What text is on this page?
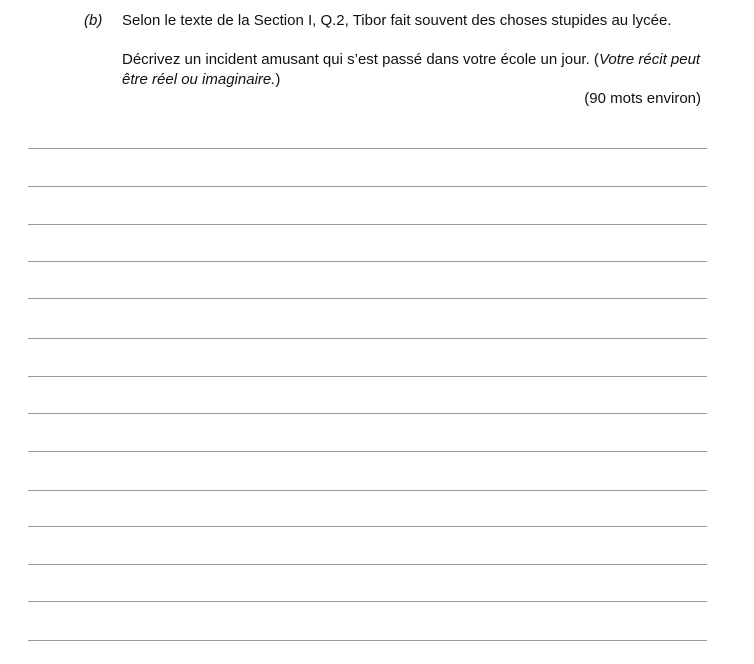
(b) Selon le texte de la Section I, Q.2, Tibor fait souvent des choses stupides au lycée.
Décrivez un incident amusant qui s’est passé dans votre école un jour. (Votre récit peut être réel ou imaginaire.)
(90 mots environ)
